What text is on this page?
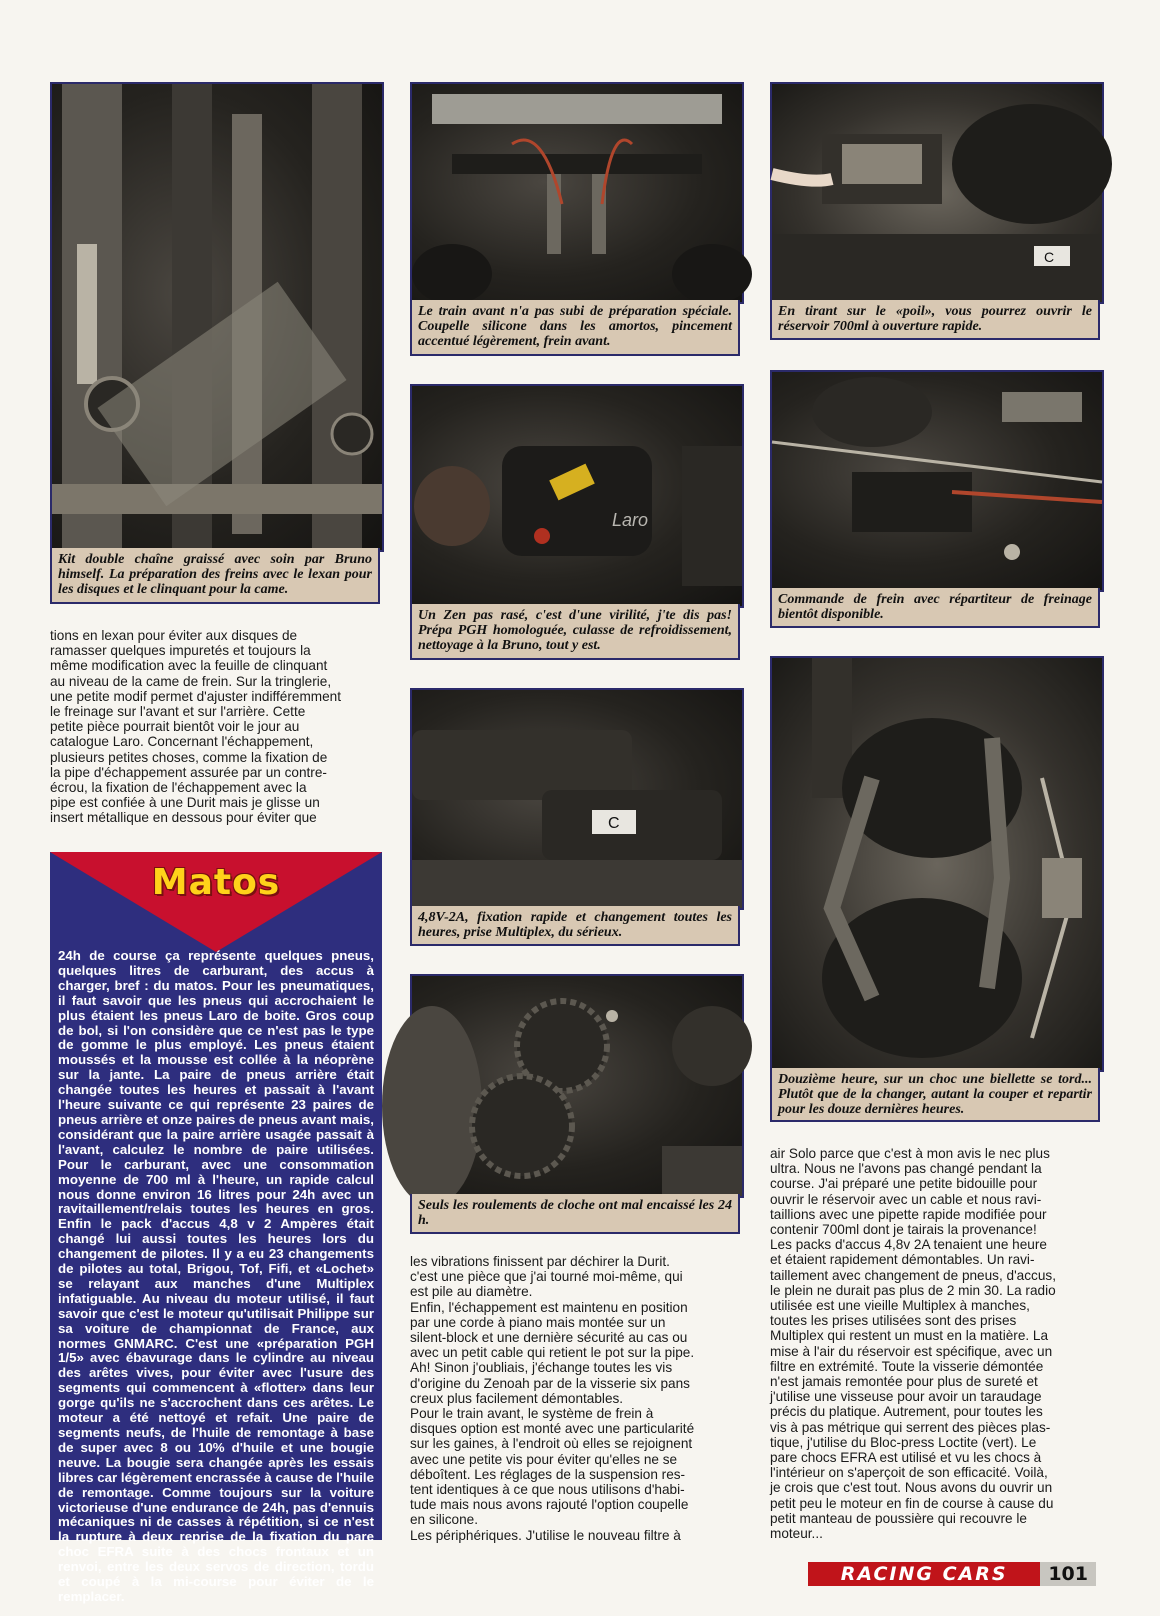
Kit double chaîne graissé avec soin par Bruno himself. La préparation des freins avec le lexan pour les disques et le clinquant pour la came.
Le train avant n'a pas subi de préparation spéciale. Coupelle silicone dans les amortos, pincement accentué légèrement, frein avant.
C
En tirant sur le «poil», vous pourrez ouvrir le réservoir 700ml à ouverture rapide.
Laro
Un Zen pas rasé, c'est d'une virilité, j'te dis pas! Prépa PGH homologuée, culasse de refroidissement, nettoyage à la Bruno, tout y est.
Commande de frein avec répartiteur de freinage bientôt disponible.
C
4,8V-2A, fixation rapide et changement toutes les heures, prise Multiplex, du sérieux.
Douzième heure, sur un choc une biellette se tord... Plutôt que de la changer, autant la couper et repartir pour les douze dernières heures.
Seuls les roulements de cloche ont mal encaissé les 24 h.

tions en lexan pour éviter aux disques de
ramasser quelques impuretés et toujours la
même modification avec la feuille de clinquant
au niveau de la came de frein. Sur la tringlerie,
une petite modif permet d'ajuster indifféremment
le freinage sur l'avant et sur l'arrière. Cette
petite pièce pourrait bientôt voir le jour au
catalogue Laro. Concernant l'échappement,
plusieurs petites choses, comme la fixation de
la pipe d'échappement assurée par un contre-
écrou, la fixation de l'échappement avec la
pipe est confiée à une Durit mais je glisse un
insert métallique en dessous pour éviter que

les vibrations finissent par déchirer la Durit.
c'est une pièce que j'ai tourné moi-même, qui
est pile au diamètre.
Enfin, l'échappement est maintenu en position
par une corde à piano mais montée sur un
silent-block et une dernière sécurité au cas ou
avec un petit cable qui retient le pot sur la pipe.
Ah! Sinon j'oubliais, j'échange toutes les vis
d'origine du Zenoah par de la visserie six pans
creux plus facilement démontables.
Pour le train avant, le système de frein à
disques option est monté avec une particularité
sur les gaines, à l'endroit où elles se rejoignent
avec une petite vis pour éviter qu'elles ne se
déboîtent. Les réglages de la suspension res-
tent identiques à ce que nous utilisons d'habi-
tude mais nous avons rajouté l'option coupelle
en silicone.
Les périphériques. J'utilise le nouveau filtre à

air Solo parce que c'est à mon avis le nec plus
ultra. Nous ne l'avons pas changé pendant la
course. J'ai préparé une petite bidouille pour
ouvrir le réservoir avec un cable et nous ravi-
taillions avec une pipette rapide modifiée pour
contenir 700ml dont je tairais la provenance!
Les packs d'accus 4,8v 2A tenaient une heure
et étaient rapidement démontables. Un ravi-
taillement avec changement de pneus, d'accus,
le plein ne durait pas plus de 2 min 30. La radio
utilisée est une vieille Multiplex à manches,
toutes les prises utilisées sont des prises
Multiplex qui restent un must en la matière. La
mise à l'air du réservoir est spécifique, avec un
filtre en extrémité. Toute la visserie démontée
n'est jamais remontée pour plus de sureté et
j'utilise une visseuse pour avoir un taraudage
précis du platique. Autrement, pour toutes les
vis à pas métrique qui serrent des pièces plas-
tique, j'utilise du Bloc-press Loctite (vert). Le
pare chocs EFRA est utilisé et vu les chocs à
l'intérieur on s'aperçoit de son efficacité. Voilà,
je crois que c'est tout. Nous avons du ouvrir un
petit peu le moteur en fin de course à cause du
petit manteau de poussière qui recouvre le
moteur...

Matos

24h de course ça représente quelques pneus, quelques litres de carburant, des accus à charger, bref : du matos. Pour les pneumatiques, il faut savoir que les pneus qui accrochaient le plus étaient les pneus Laro de boite. Gros coup de bol, si l'on considère que ce n'est pas le type de gomme le plus employé. Les pneus étaient moussés et la mousse est collée à la néoprène sur la jante. La paire de pneus arrière était changée toutes les heures et passait à l'avant l'heure suivante ce qui représente 23 paires de pneus arrière et onze paires de pneus avant mais, considérant que la paire arrière usagée passait à l'avant, calculez le nombre de paire utilisées. Pour le carburant, avec une consommation moyenne de 700 ml à l'heure, un rapide calcul nous donne environ 16 litres pour 24h avec un ravitaillement/relais toutes les heures en gros. Enfin le pack d'accus 4,8 v 2 Ampères était changé lui aussi toutes les heures lors du changement de pilotes. Il y a eu 23 changements de pilotes au total, Brigou, Tof, Fifi, et «Lochet» se relayant aux manches d'une Multiplex infatiguable. Au niveau du moteur utilisé, il faut savoir que c'est le moteur qu'utilisait Philippe sur sa voiture de championnat de France, aux normes GNMARC. C'est une «préparation PGH 1/5» avec ébavurage dans le cylindre au niveau des arêtes vives, pour éviter avec l'usure des segments qui commencent à «flotter» dans leur gorge qu'ils ne s'accrochent dans ces arêtes. Le moteur a été nettoyé et refait. Une paire de segments neufs, de l'huile de remontage à base de super avec 8 ou 10% d'huile et une bougie neuve. La bougie sera changée après les essais libres car légèrement encrassée à cause de l'huile de remontage. Comme toujours sur la voiture victorieuse d'une endurance de 24h, pas d'ennuis mécaniques ni de casses à répétition, si ce n'est la rupture à deux reprise de la fixation du pare choc EFRA suite à des chocs frontaux et un renvoi, entre les deux servos de direction, tordu et coupé à la mi-course pour éviter de le remplacer.

RACING CARS	101
